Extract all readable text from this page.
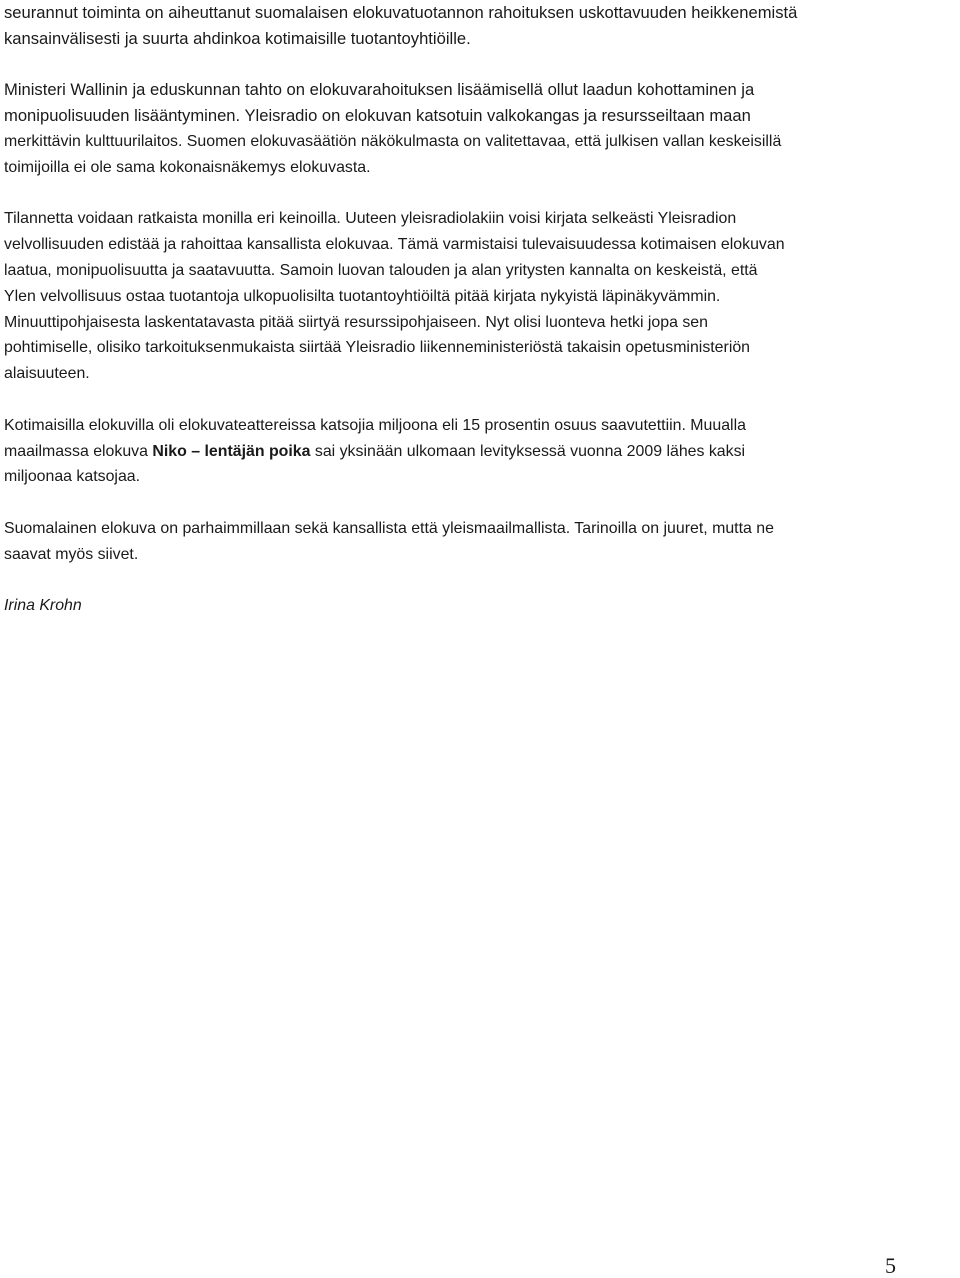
seurannut toiminta on aiheuttanut suomalaisen elokuvatuotannon rahoituksen uskottavuuden heikkenemistä
kansainvälisesti ja suurta ahdinkoa kotimaisille tuotantoyhtiöille.

Ministeri Wallinin ja eduskunnan tahto on elokuvarahoituksen lisäämisellä ollut laadun kohottaminen ja
monipuolisuuden lisääntyminen. Yleisradio on elokuvan katsotuin valkokangas ja resursseiltaan maan
merkittävin kulttuurilaitos. Suomen elokuvasäätiön näkökulmasta on valitettavaa, että julkisen vallan keskeisillä
toimijoilla ei ole sama kokonaisnäkemys elokuvasta.

Tilannetta voidaan ratkaista monilla eri keinoilla. Uuteen yleisradiolakiin voisi kirjata selkeästi Yleisradion
velvollisuuden edistää ja rahoittaa kansallista elokuvaa. Tämä varmistaisi tulevaisuudessa kotimaisen elokuvan
laatua, monipuolisuutta ja saatavuutta. Samoin luovan talouden ja alan yritysten kannalta on keskeistä, että
Ylen velvollisuus ostaa tuotantoja ulkopuolisilta tuotantoyhtiöiltä pitää kirjata nykyistä läpinäkyvämmin.
Minuuttipohjaisesta laskentatavasta pitää siirtyä resurssipohjaiseen. Nyt olisi luonteva hetki jopa sen
pohtimiselle, olisiko tarkoituksenmukaista siirtää Yleisradio liikenneministeriöstä takaisin opetusministeriön
alaisuuteen.

Kotimaisilla elokuvilla oli elokuvateattereissa katsojia miljoona eli 15 prosentin osuus saavutettiin. Muualla
maailmassa elokuva Niko – lentäjän poika sai yksinään ulkomaan levityksessä vuonna 2009 lähes kaksi
miljoonaa katsojaa.

Suomalainen elokuva on parhaimmillaan sekä kansallista että yleismaailmallista. Tarinoilla on juuret, mutta ne
saavat myös siivet.

Irina Krohn

5
